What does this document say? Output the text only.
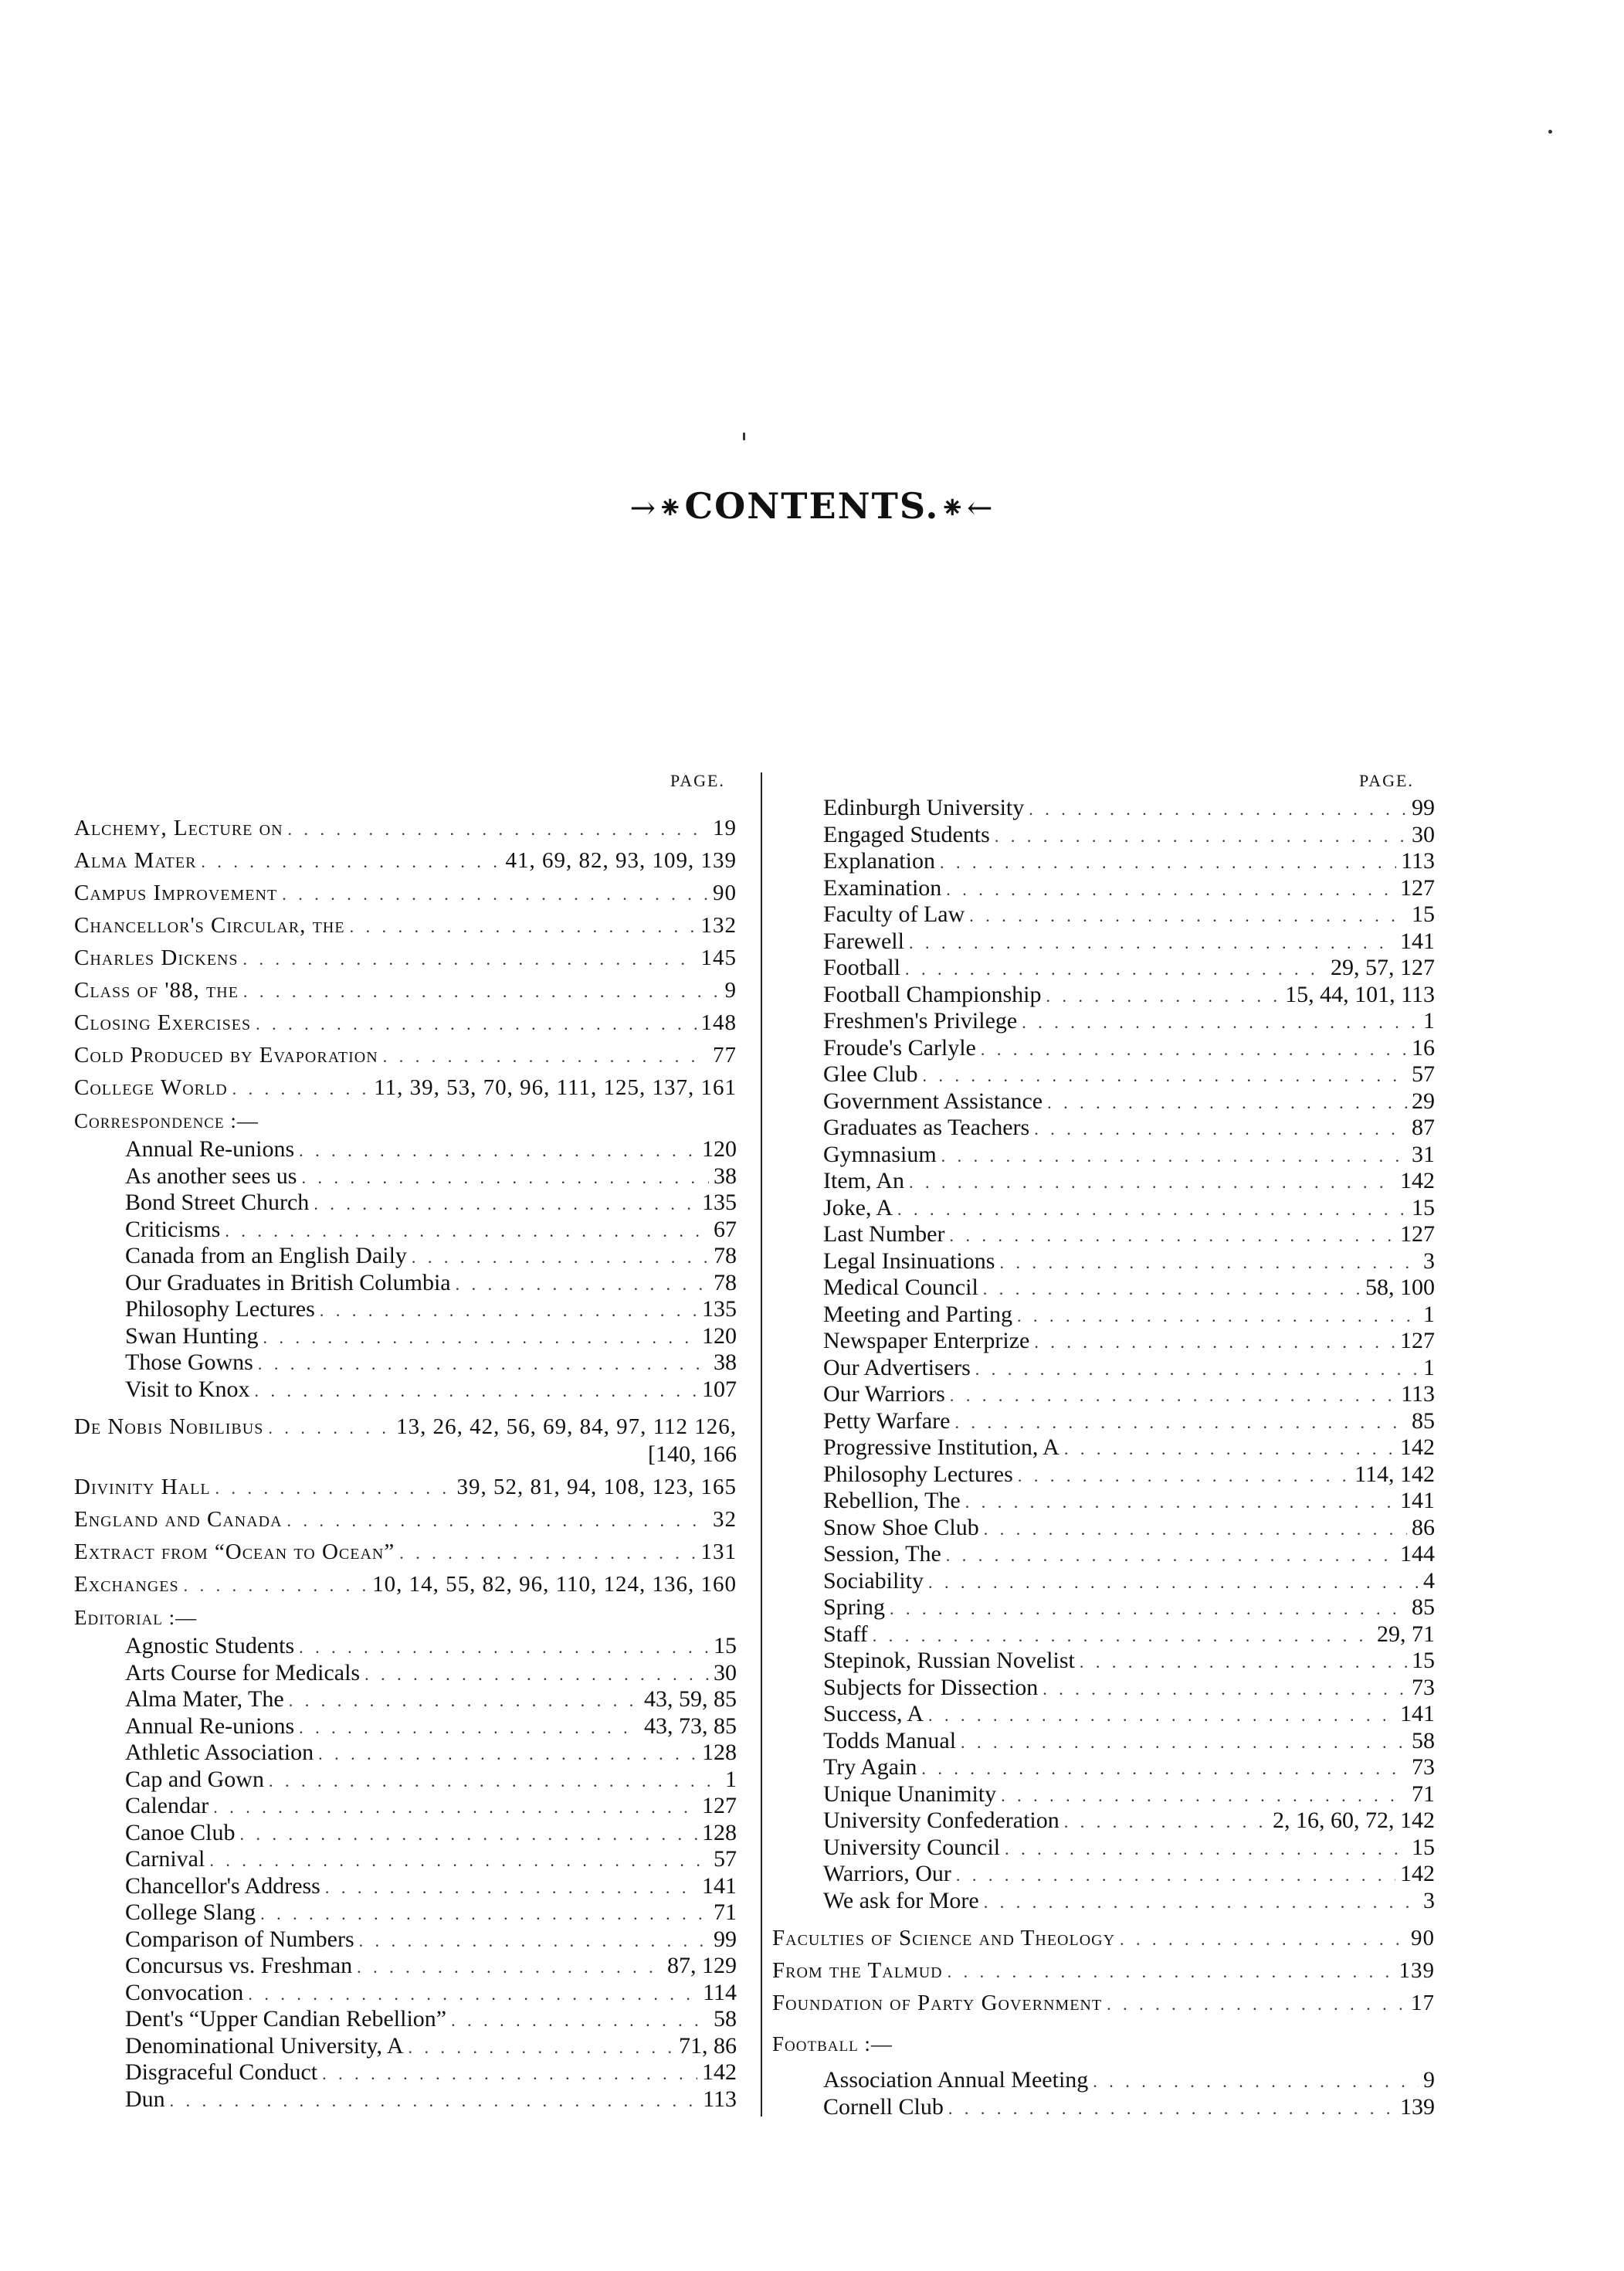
→⁕CONTENTS.⁕←
PAGE.	PAGE.
Alchemy, Lecture on . . .	19
Alma Mater . . .	41, 69, 82, 93, 109, 139
Campus Improvement . . .	90
Chancellor's Circular, the . . .	132
Charles Dickens . . .	145
Class of '88, the . . .	9
Closing Exercises . . .	148
Cold Produced by Evaporation . . .	77
College World . . .	11, 39, 53, 70, 96, 111, 125, 137, 161
Correspondence :—
Annual Re-unions . . .	120
As another sees us . . .	38
Bond Street Church . . .	135
Criticisms . . .	67
Canada from an English Daily . . .	78
Our Graduates in British Columbia . . .	78
Philosophy Lectures . . .	135
Swan Hunting . . .	120
Those Gowns . . .	38
Visit to Knox . . .	107
De Nobis Nobilibus . . .	13, 26, 42, 56, 69, 84, 97, 112 126,
[140, 166
Divinity Hall . . .	39, 52, 81, 94, 108, 123, 165
England and Canada . . .	32
Extract from “Ocean to Ocean” . . .	131
Exchanges . . .	10, 14, 55, 82, 96, 110, 124, 136, 160
Editorial :—
Agnostic Students . . .	15
Arts Course for Medicals . . .	30
Alma Mater, The . . .	43, 59, 85
Annual Re-unions . . .	43, 73, 85
Athletic Association . . .	128
Cap and Gown . . .	1
Calendar . . .	127
Canoe Club . . .	128
Carnival . . .	57
Chancellor's Address . . .	141
College Slang . . .	71
Comparison of Numbers . . .	99
Concursus vs. Freshman . . .	87, 129
Convocation . . .	114
Dent's “Upper Candian Rebellion” . . .	58
Denominational University, A . . .	71, 86
Disgraceful Conduct . . .	142
Dun . . .	113
Edinburgh University . . .	99
Engaged Students . . .	30
Explanation . . .	113
Examination . . .	127
Faculty of Law . . .	15
Farewell . . .	141
Football . . .	29, 57, 127
Football Championship . . .	15, 44, 101, 113
Freshmen's Privilege . . .	1
Froude's Carlyle . . .	16
Glee Club . . .	57
Government Assistance . . .	29
Graduates as Teachers . . .	87
Gymnasium . . .	31
Item, An . . .	142
Joke, A . . .	15
Last Number . . .	127
Legal Insinuations . . .	3
Medical Council . . .	58, 100
Meeting and Parting . . .	1
Newspaper Enterprize . . .	127
Our Advertisers . . .	1
Our Warriors . . .	113
Petty Warfare . . .	85
Progressive Institution, A . . .	142
Philosophy Lectures . . .	114, 142
Rebellion, The . . .	141
Snow Shoe Club . . .	86
Session, The . . .	144
Sociability . . .	4
Spring . . .	85
Staff . . .	29, 71
Stepinok, Russian Novelist . . .	15
Subjects for Dissection . . .	73
Success, A . . .	141
Todds Manual . . .	58
Try Again . . .	73
Unique Unanimity . . .	71
University Confederation . . .	2, 16, 60, 72, 142
University Council . . .	15
Warriors, Our . . .	142
We ask for More . . .	3
Faculties of Science and Theology . . .	90
From the Talmud . . .	139
Foundation of Party Government . . .	17
Football :—
Association Annual Meeting . . .	9
Cornell Club . . .	139
